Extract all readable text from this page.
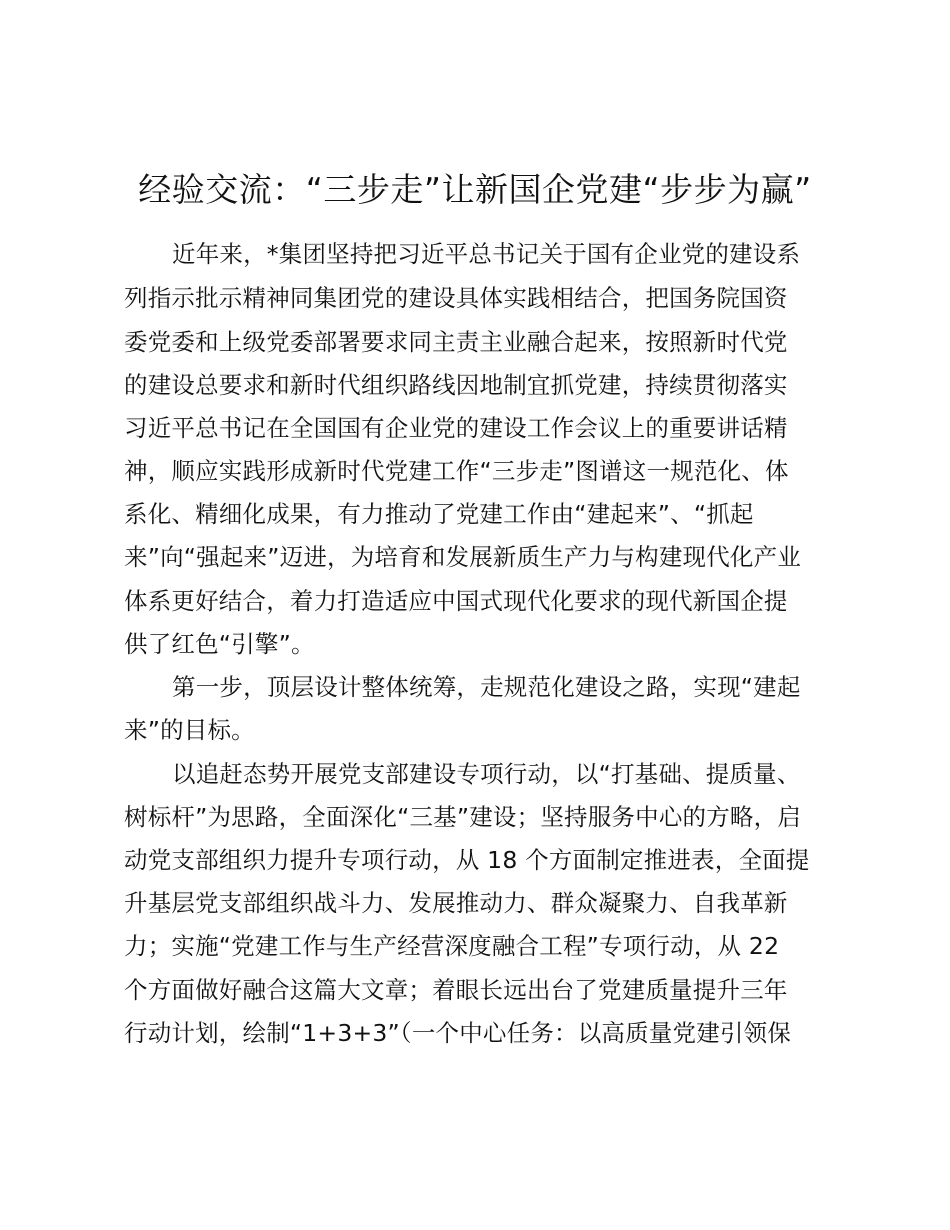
经验交流：“三步走”让新国企党建“步步为赢”
近年来，*集团坚持把习近平总书记关于国有企业党的建设系
列指示批示精神同集团党的建设具体实践相结合，把国务院国资
委党委和上级党委部署要求同主责主业融合起来，按照新时代党
的建设总要求和新时代组织路线因地制宜抓党建，持续贯彻落实
习近平总书记在全国国有企业党的建设工作会议上的重要讲话精
神，顺应实践形成新时代党建工作“三步走”图谱这一规范化、体
系化、精细化成果，有力推动了党建工作由“建起来”、“抓起
来”向“强起来”迈进，为培育和发展新质生产力与构建现代化产业
体系更好结合，着力打造适应中国式现代化要求的现代新国企提
供了红色“引擎”。
第一步，顶层设计整体统筹，走规范化建设之路，实现“建起
来”的目标。
以追赶态势开展党支部建设专项行动，以“打基础、提质量、
树标杆”为思路，全面深化“三基”建设；坚持服务中心的方略，启
动党支部组织力提升专项行动，从 18 个方面制定推进表，全面提
升基层党支部组织战斗力、发展推动力、群众凝聚力、自我革新
力；实施“党建工作与生产经营深度融合工程”专项行动，从 22
个方面做好融合这篇大文章；着眼长远出台了党建质量提升三年
行动计划，绘制“1+3+3”（一个中心任务：以高质量党建引领保
